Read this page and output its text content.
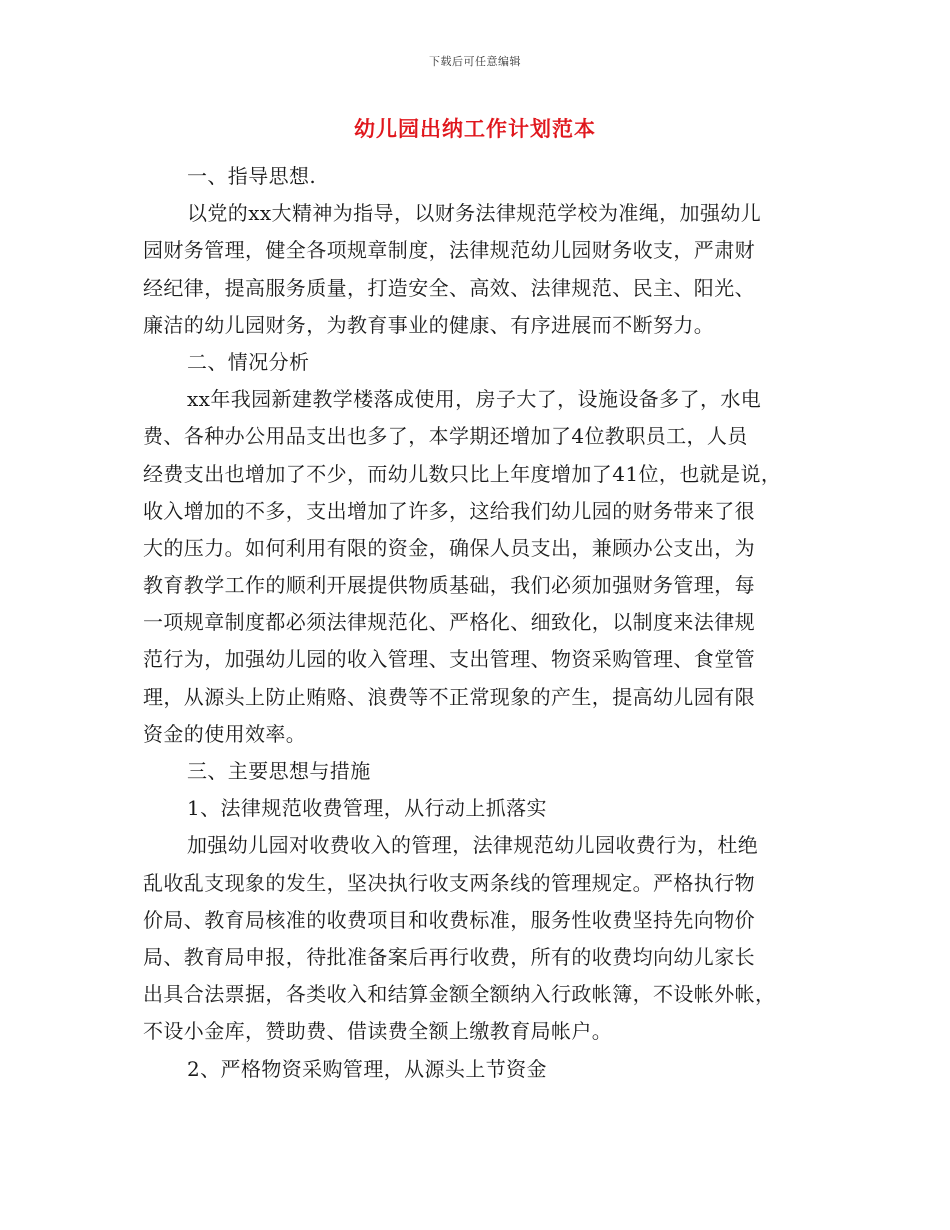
下载后可任意编辑
幼儿园出纳工作计划范本
一、指导思想.
以党的xx大精神为指导，以财务法律规范学校为准绳，加强幼儿
园财务管理，健全各项规章制度，法律规范幼儿园财务收支，严肃财
经纪律，提高服务质量，打造安全、高效、法律规范、民主、阳光、
廉洁的幼儿园财务，为教育事业的健康、有序进展而不断努力。
二、情况分析
xx年我园新建教学楼落成使用，房子大了，设施设备多了，水电
费、各种办公用品支出也多了，本学期还增加了4位教职员工，人员
经费支出也增加了不少，而幼儿数只比上年度增加了41位，也就是说，
收入增加的不多，支出增加了许多，这给我们幼儿园的财务带来了很
大的压力。如何利用有限的资金，确保人员支出，兼顾办公支出，为
教育教学工作的顺利开展提供物质基础，我们必须加强财务管理，每
一项规章制度都必须法律规范化、严格化、细致化，以制度来法律规
范行为，加强幼儿园的收入管理、支出管理、物资采购管理、食堂管
理，从源头上防止贿赂、浪费等不正常现象的产生，提高幼儿园有限
资金的使用效率。
三、主要思想与措施
1、法律规范收费管理，从行动上抓落实
加强幼儿园对收费收入的管理，法律规范幼儿园收费行为，杜绝
乱收乱支现象的发生，坚决执行收支两条线的管理规定。严格执行物
价局、教育局核准的收费项目和收费标准，服务性收费坚持先向物价
局、教育局申报，待批准备案后再行收费，所有的收费均向幼儿家长
出具合法票据，各类收入和结算金额全额纳入行政帐簿，不设帐外帐，
不设小金库，赞助费、借读费全额上缴教育局帐户。
2、严格物资采购管理，从源头上节资金
